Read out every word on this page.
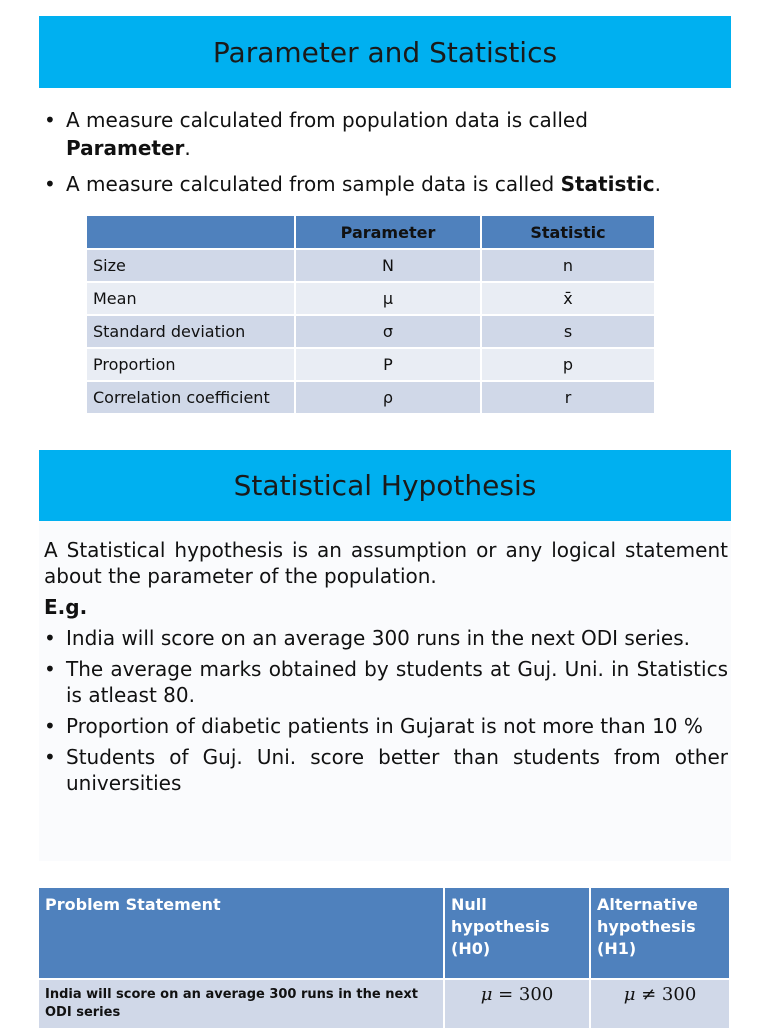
Parameter and Statistics
• A measure calculated from population data is called
Parameter.
• A measure calculated from sample data is called Statistic.
	Parameter	Statistic
Size	N	n
Mean	μ	x̄
Standard deviation	σ	s
Proportion	P	p
Correlation coefficient	ρ	r
Statistical Hypothesis

A Statistical hypothesis is an assumption or any logical statement about the parameter of the population.

E.g.

• India will score on an average 300 runs in the next ODI series.
• The average marks obtained by students at Guj. Uni. in Statistics is atleast 80.
• Proportion of diabetic patients in Gujarat is not more than 10 %
• Students of Guj. Uni. score better than students from other universities
Problem Statement	Null hypothesis (H0)	Alternative hypothesis (H1)
India will score on an average 300 runs in the next ODI series	μ = 300	μ ≠ 300
